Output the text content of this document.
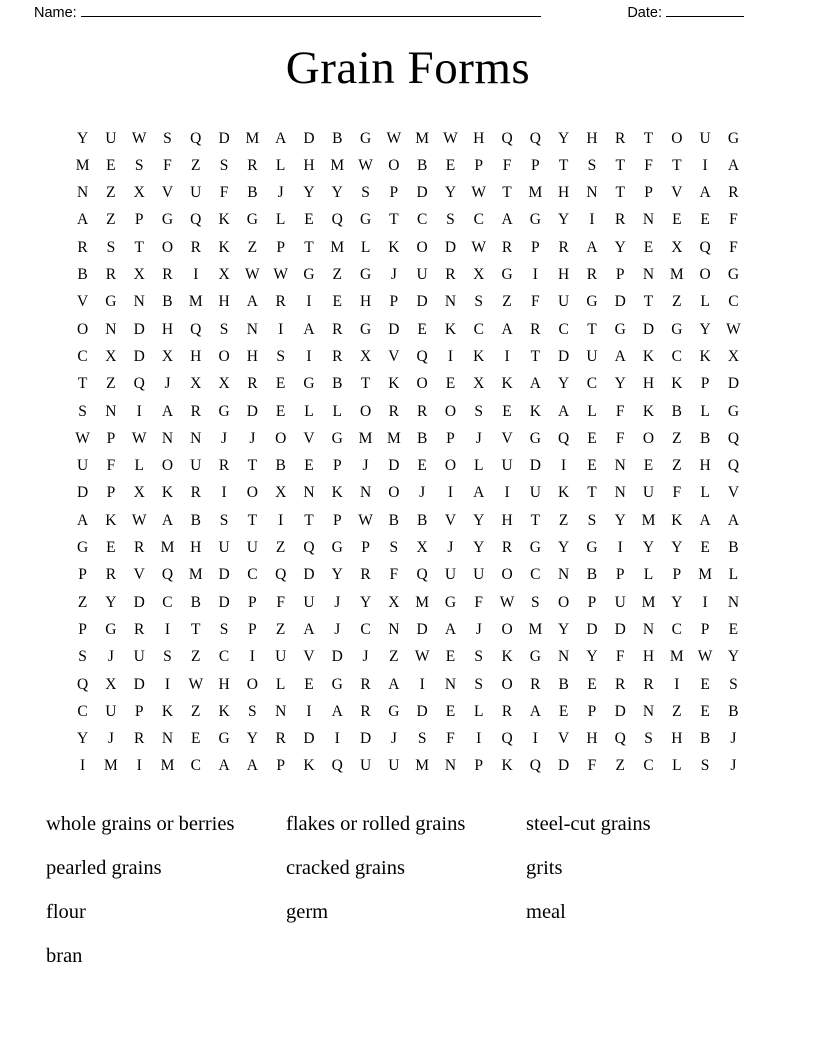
Name:	Date:
Grain Forms
Y	U	W	S	Q	D	M	A	D	B	G	W	M	W	H	Q	Q	Y	H	R	T	O	U	G
M	E	S	F	Z	S	R	L	H	M	W	O	B	E	P	F	P	T	S	T	F	T	I	A
N	Z	X	V	U	F	B	J	Y	Y	S	P	D	Y	W	T	M	H	N	T	P	V	A	R
A	Z	P	G	Q	K	G	L	E	Q	G	T	C	S	C	A	G	Y	I	R	N	E	E	F
R	S	T	O	R	K	Z	P	T	M	L	K	O	D	W	R	P	R	A	Y	E	X	Q	F
B	R	X	R	I	X	W	W	G	Z	G	J	U	R	X	G	I	H	R	P	N	M	O	G
V	G	N	B	M	H	A	R	I	E	H	P	D	N	S	Z	F	U	G	D	T	Z	L	C
O	N	D	H	Q	S	N	I	A	R	G	D	E	K	C	A	R	C	T	G	D	G	Y	W
C	X	D	X	H	O	H	S	I	R	X	V	Q	I	K	I	T	D	U	A	K	C	K	X
T	Z	Q	J	X	X	R	E	G	B	T	K	O	E	X	K	A	Y	C	Y	H	K	P	D
S	N	I	A	R	G	D	E	L	L	O	R	R	O	S	E	K	A	L	F	K	B	L	G
W	P	W	N	N	J	J	O	V	G	M	M	B	P	J	V	G	Q	E	F	O	Z	B	Q
U	F	L	O	U	R	T	B	E	P	J	D	E	O	L	U	D	I	E	N	E	Z	H	Q
D	P	X	K	R	I	O	X	N	K	N	O	J	I	A	I	U	K	T	N	U	F	L	V
A	K	W	A	B	S	T	I	T	P	W	B	B	V	Y	H	T	Z	S	Y	M	K	A	A
G	E	R	M	H	U	U	Z	Q	G	P	S	X	J	Y	R	G	Y	G	I	Y	Y	E	B
P	R	V	Q	M	D	C	Q	D	Y	R	F	Q	U	U	O	C	N	B	P	L	P	M	L
Z	Y	D	C	B	D	P	F	U	J	Y	X	M	G	F	W	S	O	P	U	M	Y	I	N
P	G	R	I	T	S	P	Z	A	J	C	N	D	A	J	O	M	Y	D	D	N	C	P	E
S	J	U	S	Z	C	I	U	V	D	J	Z	W	E	S	K	G	N	Y	F	H	M	W	Y
Q	X	D	I	W	H	O	L	E	G	R	A	I	N	S	O	R	B	E	R	R	I	E	S
C	U	P	K	Z	K	S	N	I	A	R	G	D	E	L	R	A	E	P	D	N	Z	E	B
Y	J	R	N	E	G	Y	R	D	I	D	J	S	F	I	Q	I	V	H	Q	S	H	B	J
I	M	I	M	C	A	A	P	K	Q	U	U	M	N	P	K	Q	D	F	Z	C	L	S	J
whole grains or berries	flakes or rolled grains	steel-cut grains
pearled grains	cracked grains	grits
flour	germ	meal
bran
